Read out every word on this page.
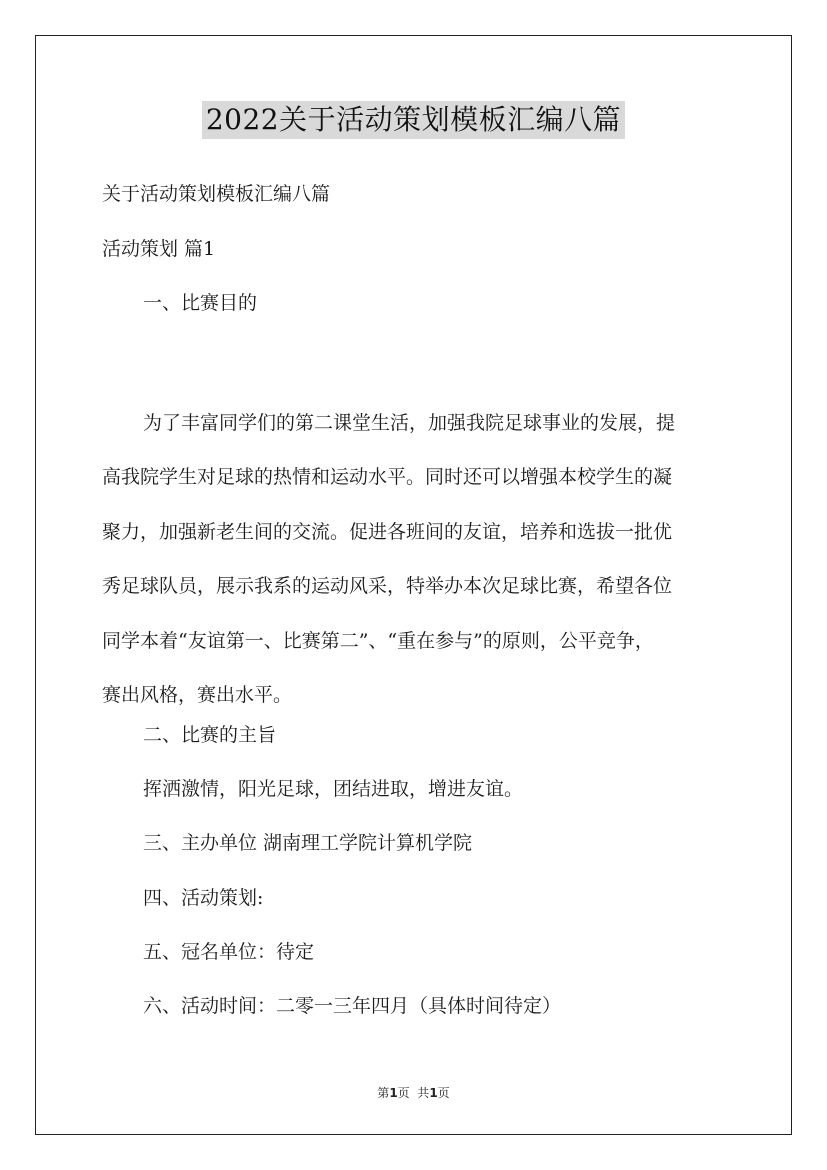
2022关于活动策划模板汇编八篇
关于活动策划模板汇编八篇
活动策划 篇1
一、比赛目的
为了丰富同学们的第二课堂生活，加强我院足球事业的发展，提
高我院学生对足球的热情和运动水平。同时还可以增强本校学生的凝
聚力，加强新老生间的交流。促进各班间的友谊，培养和选拔一批优
秀足球队员，展示我系的运动风采，特举办本次足球比赛，希望各位
同学本着“友谊第一、比赛第二”、“重在参与”的原则，公平竞争，
赛出风格，赛出水平。
二、比赛的主旨
挥洒激情，阳光足球，团结进取，增进友谊。
三、主办单位 湖南理工学院计算机学院
四、活动策划:
五、冠名单位：待定
六、活动时间：二零一三年四月（具体时间待定）
第1页  共1页
